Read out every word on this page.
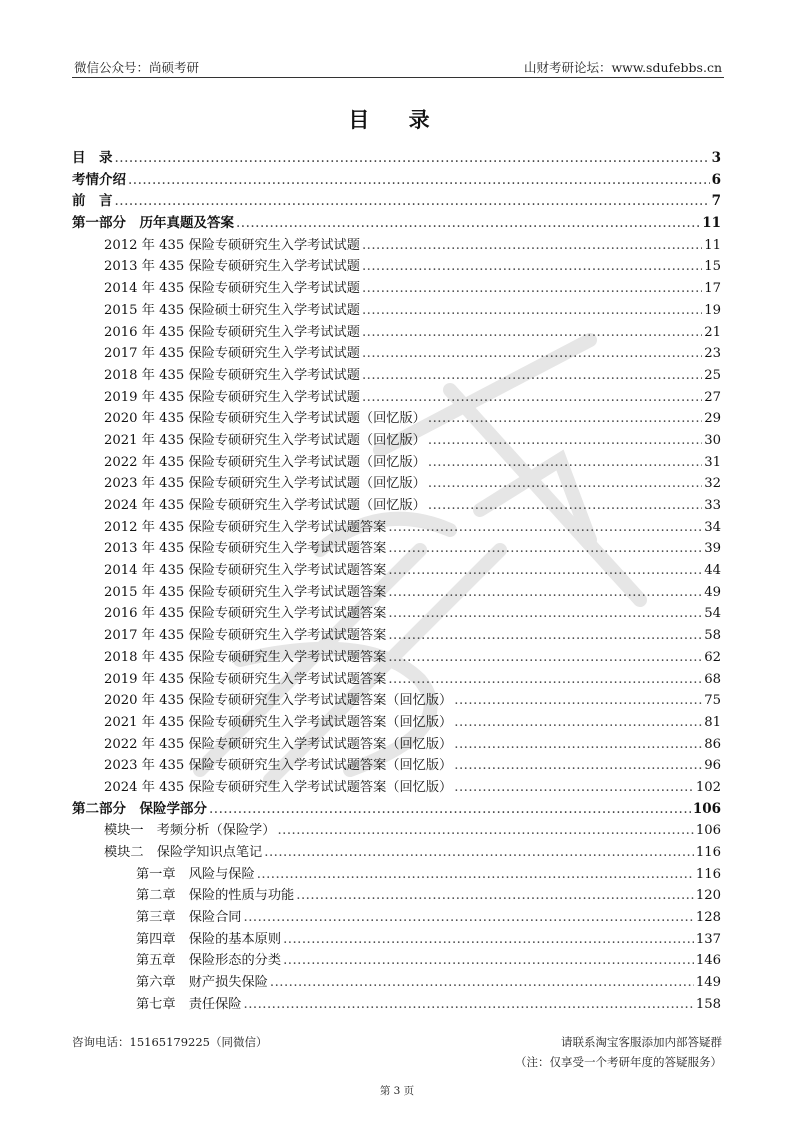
微信公众号：尚硕考研	山财考研论坛：www.sdufebbs.cn
目 录
目　录 .....	3
考情介绍 .....	6
前　言 .....	7
第一部分　历年真题及答案 .....	11
2012 年 435 保险专硕研究生入学考试试题 .....	11
2013 年 435 保险专硕研究生入学考试试题 .....	15
2014 年 435 保险专硕研究生入学考试试题 .....	17
2015 年 435 保险硕士研究生入学考试试题 .....	19
2016 年 435 保险专硕研究生入学考试试题 .....	21
2017 年 435 保险专硕研究生入学考试试题 .....	23
2018 年 435 保险专硕研究生入学考试试题 .....	25
2019 年 435 保险专硕研究生入学考试试题 .....	27
2020 年 435 保险专硕研究生入学考试试题（回忆版） .....	29
2021 年 435 保险专硕研究生入学考试试题（回忆版） .....	30
2022 年 435 保险专硕研究生入学考试试题（回忆版） .....	31
2023 年 435 保险专硕研究生入学考试试题（回忆版） .....	32
2024 年 435 保险专硕研究生入学考试试题（回忆版） .....	33
2012 年 435 保险专硕研究生入学考试试题答案 .....	34
2013 年 435 保险专硕研究生入学考试试题答案 .....	39
2014 年 435 保险专硕研究生入学考试试题答案 .....	44
2015 年 435 保险专硕研究生入学考试试题答案 .....	49
2016 年 435 保险专硕研究生入学考试试题答案 .....	54
2017 年 435 保险专硕研究生入学考试试题答案 .....	58
2018 年 435 保险专硕研究生入学考试试题答案 .....	62
2019 年 435 保险专硕研究生入学考试试题答案 .....	68
2020 年 435 保险专硕研究生入学考试试题答案（回忆版） .....	75
2021 年 435 保险专硕研究生入学考试试题答案（回忆版） .....	81
2022 年 435 保险专硕研究生入学考试试题答案（回忆版） .....	86
2023 年 435 保险专硕研究生入学考试试题答案（回忆版） .....	96
2024 年 435 保险专硕研究生入学考试试题答案（回忆版） .....	102
第二部分　保险学部分 .....	106
模块一　考频分析（保险学） .....	106
模块二　保险学知识点笔记 .....	116
第一章　风险与保险 .....	116
第二章　保险的性质与功能 .....	120
第三章　保险合同 .....	128
第四章　保险的基本原则 .....	137
第五章　保险形态的分类 .....	146
第六章　财产损失保险 .....	149
第七章　责任保险 .....	158
咨询电话：15165179225（同微信）	请联系淘宝客服添加内部答疑群
（注：仅享受一个考研年度的答疑服务）
第 3 页
